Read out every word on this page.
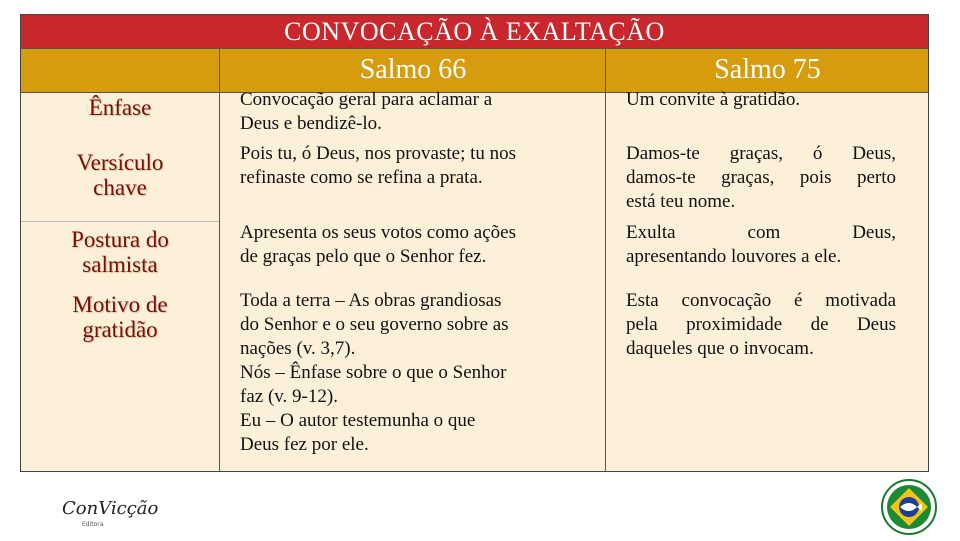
CONVOCAÇÃO À EXALTAÇÃO
Salmo 66	Salmo 75
Ênfase
Versículo
chave
Postura do
salmista
Motivo de
gratidão
Convocação geral para aclamar a
Deus e bendizê-lo.
Um convite à gratidão.
Pois tu, ó Deus, nos provaste; tu nos
refinaste como se refina a prata.
Damos-te graças, ó Deus,
damos-te graças, pois perto
está teu nome.
Apresenta os seus votos como ações
de graças pelo que o Senhor fez.
Exulta com Deus,
apresentando louvores a ele.
Toda a terra – As obras grandiosas
do Senhor e o seu governo sobre as
nações (v. 3,7).
Nós – Ênfase sobre o que o Senhor
faz (v. 9-12).
Eu – O autor testemunha o que
Deus fez por ele.
Esta convocação é motivada
pela proximidade de Deus
daqueles que o invocam.
ConVicção
Editora
